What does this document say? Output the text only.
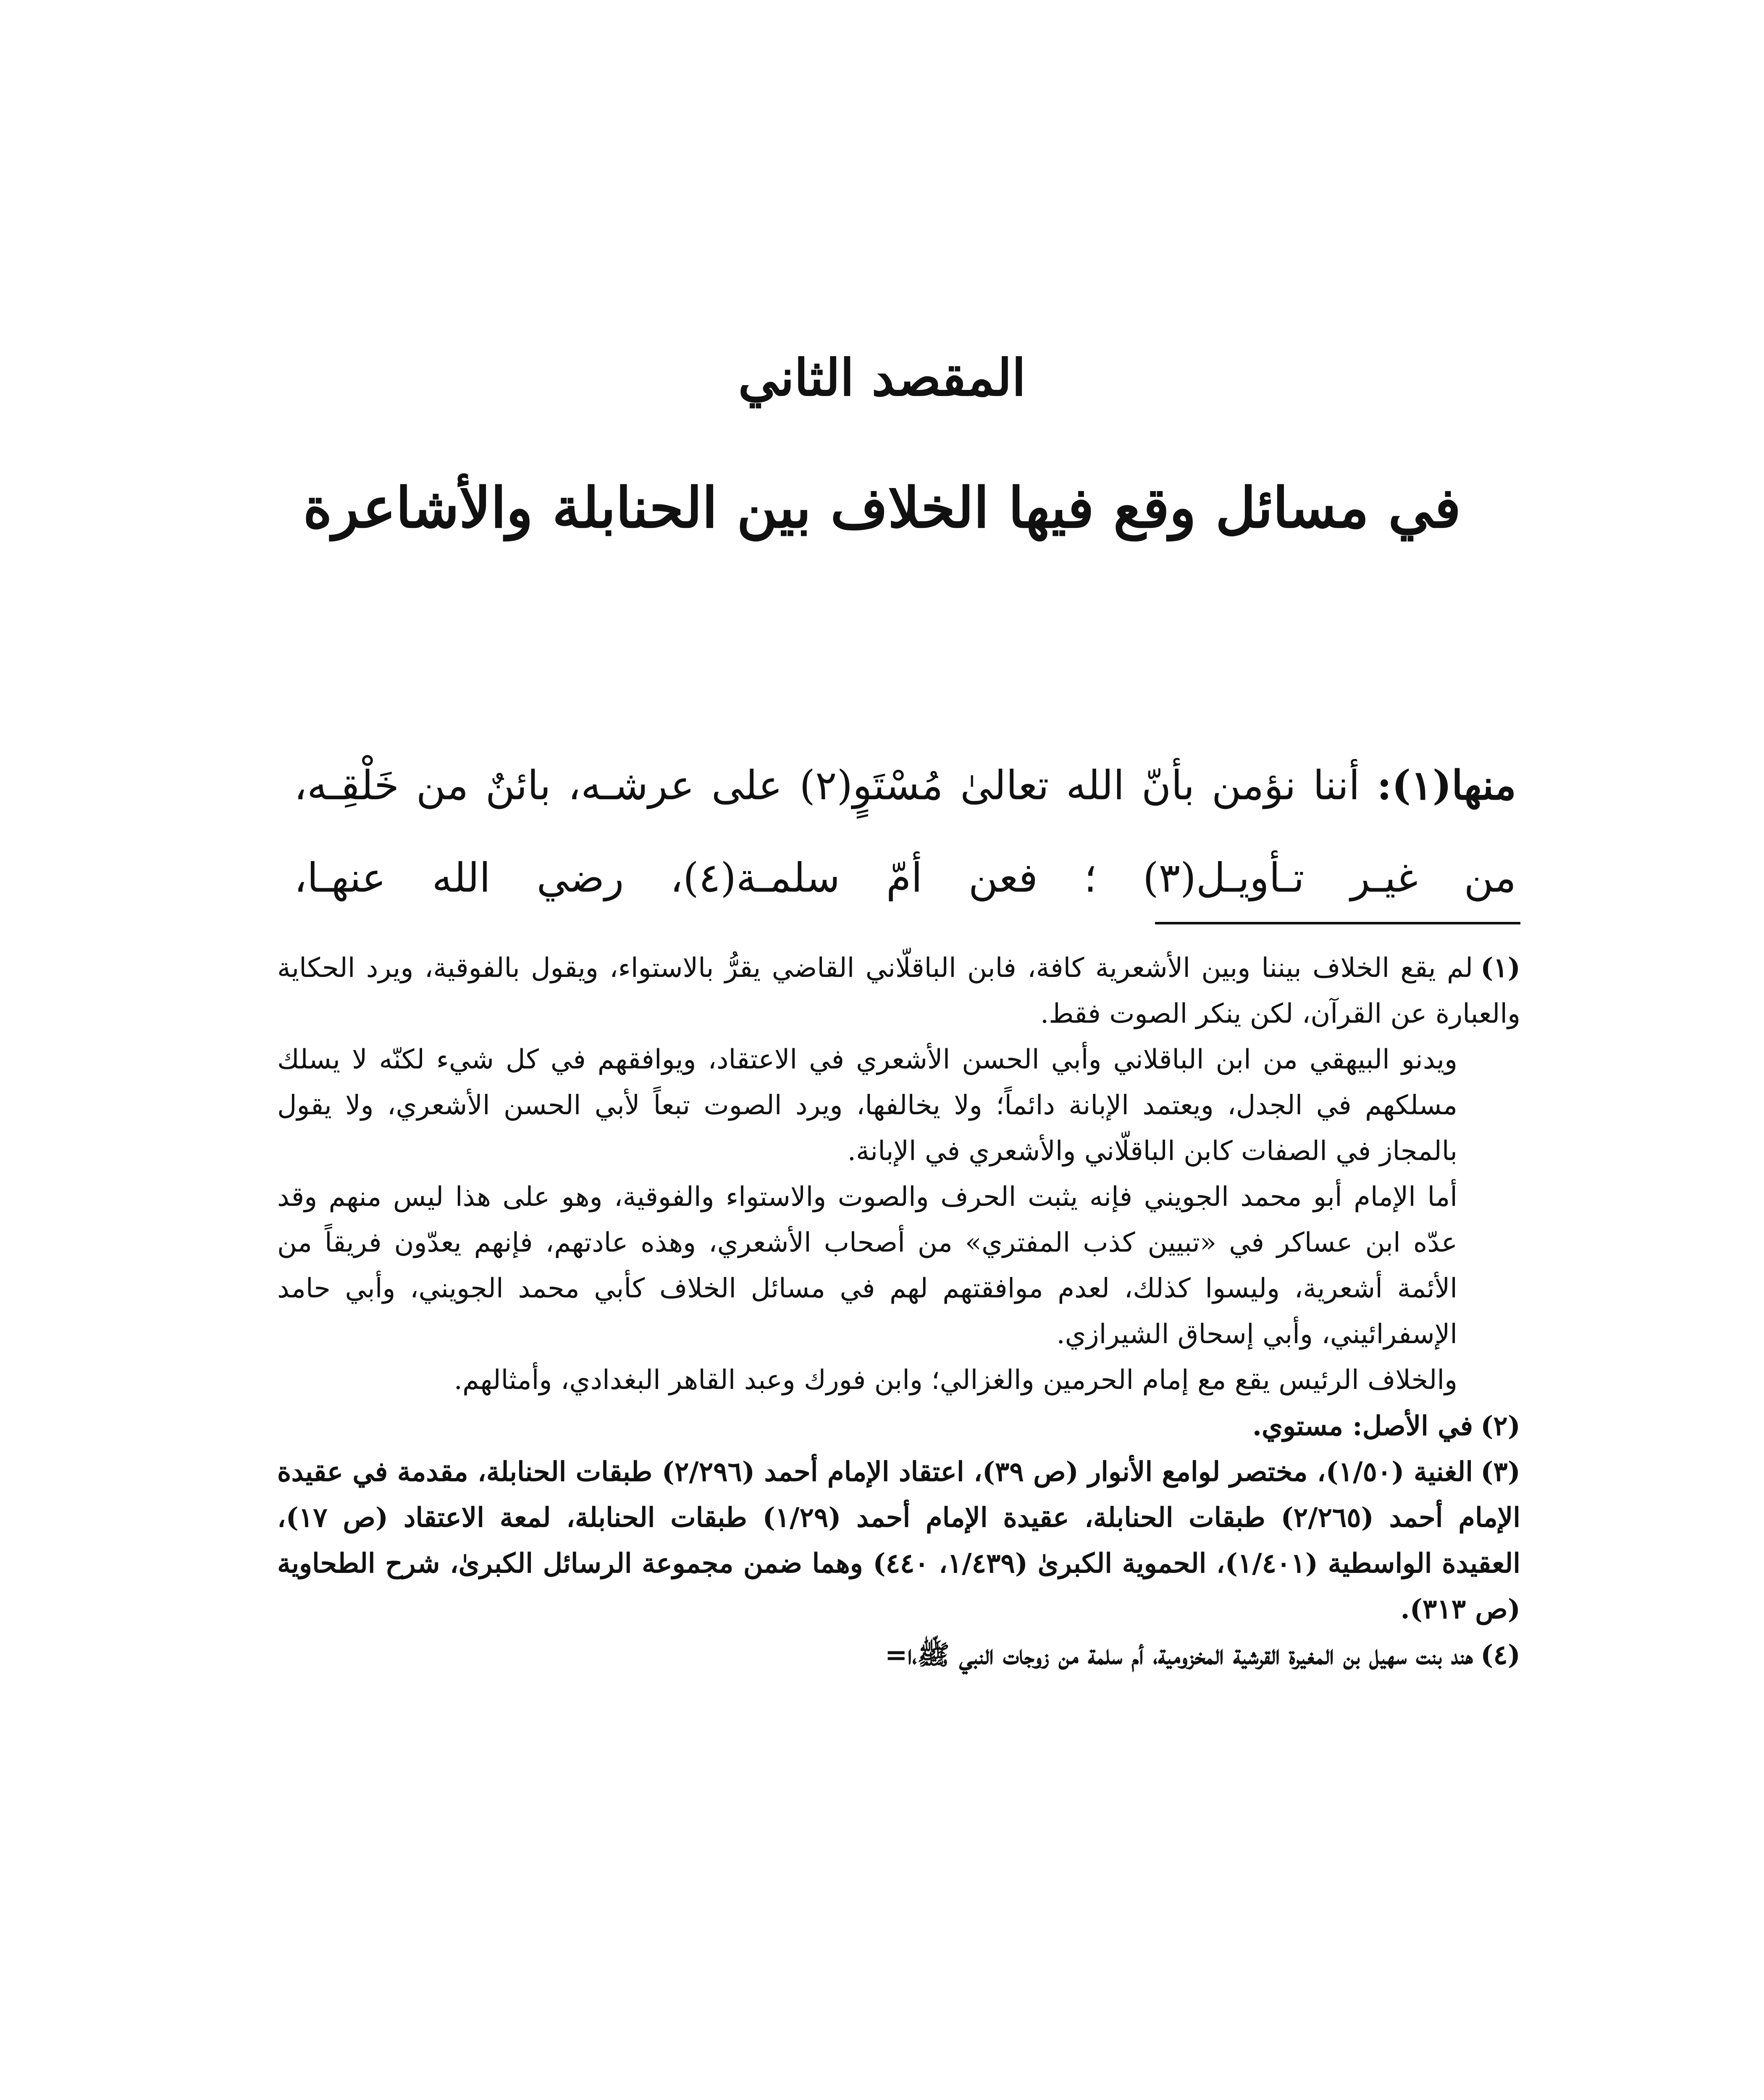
المقصد الثاني
في مسائل وقع فيها الخلاف بين الحنابلة والأشاعرة

منها(١): أننا نؤمن بأنّ الله تعالىٰ مُسْتَوٍ(٢) على عرشـه، بائنٌ من خَلْقِـه، من غيـر تـأويـل(٣) ؛ فعن أمّ سلمـة(٤)، رضي الله عنهـا،

(١)لم يقع الخلاف بيننا وبين الأشعرية كافة، فابن الباقلّاني القاضي يقرُّ بالاستواء، ويقول بالفوقية، ويرد الحكاية والعبارة عن القرآن، لكن ينكر الصوت فقط.

ويدنو البيهقي من ابن الباقلاني وأبي الحسن الأشعري في الاعتقاد، ويوافقهم في كل شيء لكنّه لا يسلك مسلكهم في الجدل، ويعتمد الإبانة دائماً؛ ولا يخالفها، ويرد الصوت تبعاً لأبي الحسن الأشعري، ولا يقول بالمجاز في الصفات كابن الباقلّاني والأشعري في الإبانة.

أما الإمام أبو محمد الجويني فإنه يثبت الحرف والصوت والاستواء والفوقية، وهو على هذا ليس منهم وقد عدّه ابن عساكر في «تبيين كذب المفتري» من أصحاب الأشعري، وهذه عادتهم، فإنهم يعدّون فريقاً من الأئمة أشعرية، وليسوا كذلك، لعدم موافقتهم لهم في مسائل الخلاف كأبي محمد الجويني، وأبي حامد الإسفرائيني، وأبي إسحاق الشيرازي.

والخلاف الرئيس يقع مع إمام الحرمين والغزالي؛ وابن فورك وعبد القاهر البغدادي، وأمثالهم.

(٢)في الأصل: مستوي.

(٣)الغنية (١/٥٠)، مختصر لوامع الأنوار (ص ٣٩)، اعتقاد الإمام أحمد (٢/٢٩٦) طبقات الحنابلة، مقدمة في عقيدة الإمام أحمد (٢/٢٦٥) طبقات الحنابلة، عقيدة الإمام أحمد (١/٢٩) طبقات الحنابلة، لمعة الاعتقاد (ص ١٧)، العقيدة الواسطية (١/٤٠١)، الحموية الكبرىٰ (١/٤٣٩، ٤٤٠) وهما ضمن مجموعة الرسائل الكبرىٰ، شرح الطحاوية (ص ٣١٣).

(٤)هند بنت سهيل بن المغيرة القرشية المخزومية، أم سلمة من زوجات النبي ﷺ،ا=
